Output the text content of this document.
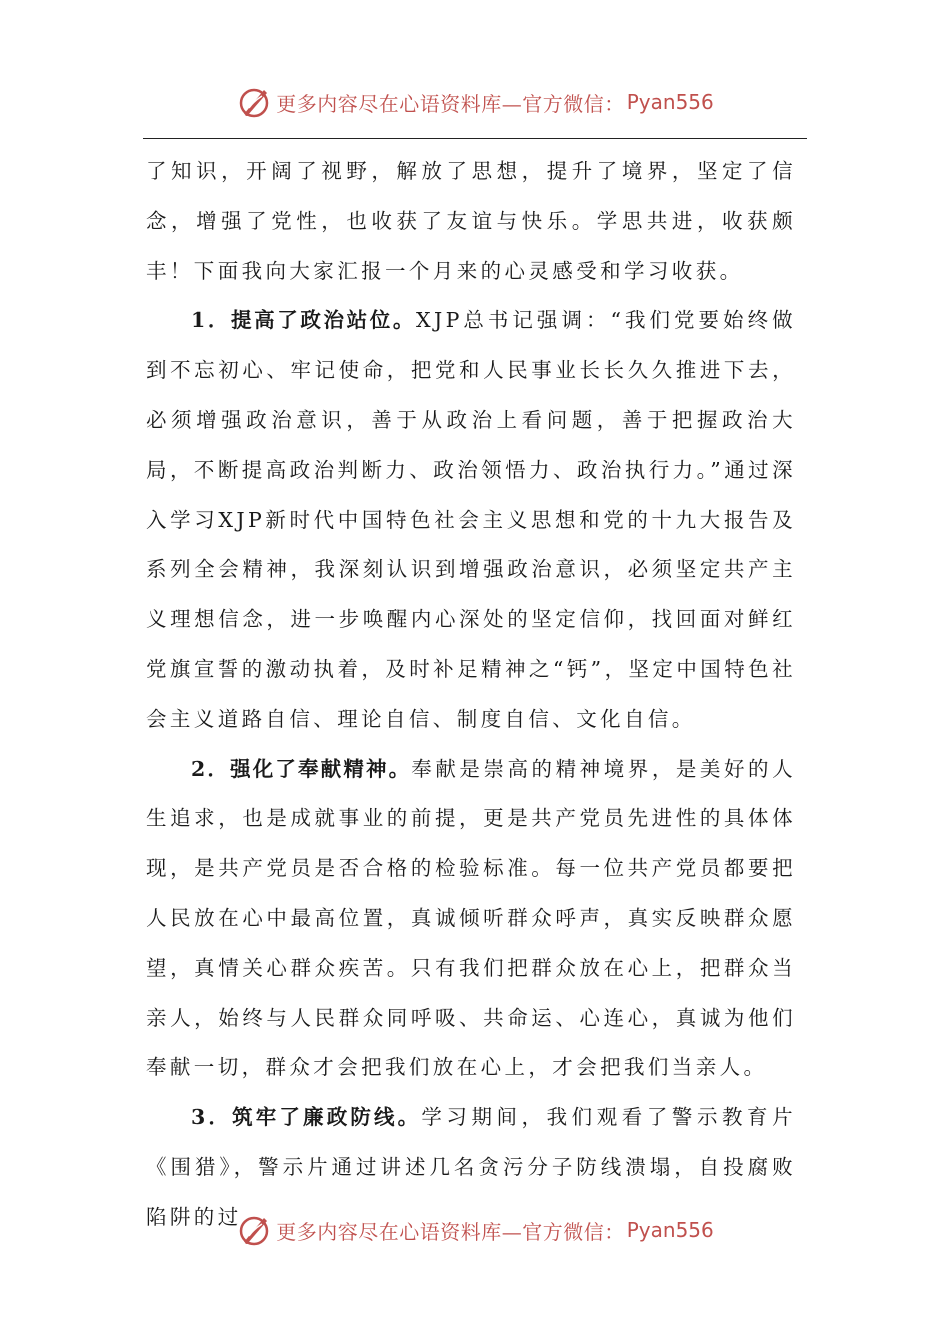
更多内容尽在心语资料库—官方微信： Pyan556

了知识，开阔了视野，解放了思想，提升了境界，坚定了信念，增强了党性，也收获了友谊与快乐。学思共进，收获颇丰！下面我向大家汇报一个月来的心灵感受和学习收获。

1．提高了政治站位。XJP总书记强调：“我们党要始终做到不忘初心、牢记使命，把党和人民事业长长久久推进下去，必须增强政治意识，善于从政治上看问题，善于把握政治大局，不断提高政治判断力、政治领悟力、政治执行力。”通过深入学习XJP新时代中国特色社会主义思想和党的十九大报告及系列全会精神，我深刻认识到增强政治意识，必须坚定共产主义理想信念，进一步唤醒内心深处的坚定信仰，找回面对鲜红党旗宣誓的激动执着，及时补足精神之“钙”，坚定中国特色社会主义道路自信、理论自信、制度自信、文化自信。

2．强化了奉献精神。奉献是崇高的精神境界，是美好的人生追求，也是成就事业的前提，更是共产党员先进性的具体体现，是共产党员是否合格的检验标准。每一位共产党员都要把人民放在心中最高位置，真诚倾听群众呼声，真实反映群众愿望，真情关心群众疾苦。只有我们把群众放在心上，把群众当亲人，始终与人民群众同呼吸、共命运、心连心，真诚为他们奉献一切，群众才会把我们放在心上，才会把我们当亲人。

3．筑牢了廉政防线。学习期间，我们观看了警示教育片《围猎》，警示片通过讲述几名贪污分子防线溃塌，自投腐败陷阱的过

更多内容尽在心语资料库—官方微信： Pyan556
